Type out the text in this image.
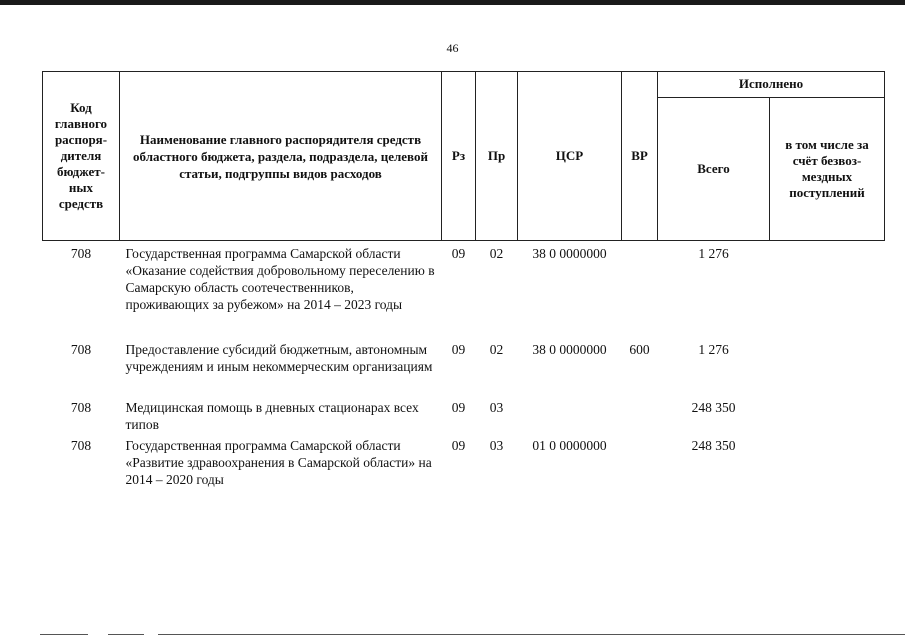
46
Код главного распоря-дителя бюджет-ных средств	Наименование главного распорядителя средств областного бюджета, раздела, подраздела, целевой статьи, подгруппы видов расходов	Рз	Пр	ЦСР	ВР	Исполнено	
						Всего	в том числе за счёт безвоз-мездных поступлений
708	Государственная программа Самарской области «Оказание содействия добровольному переселению в Самарскую область соотечественников, проживающих за рубежом» на 2014 – 2023 годы	09	02	38 0 0000000		1 276	
708	Предоставление субсидий бюджетным, автономным учреждениям и иным некоммерческим организациям	09	02	38 0 0000000	600	1 276	
708	Медицинская помощь в дневных стационарах всех типов	09	03			248 350	
708	Государственная программа Самарской области «Развитие здравоохранения в Самарской области» на 2014 – 2020 годы	09	03	01 0 0000000		248 350	
